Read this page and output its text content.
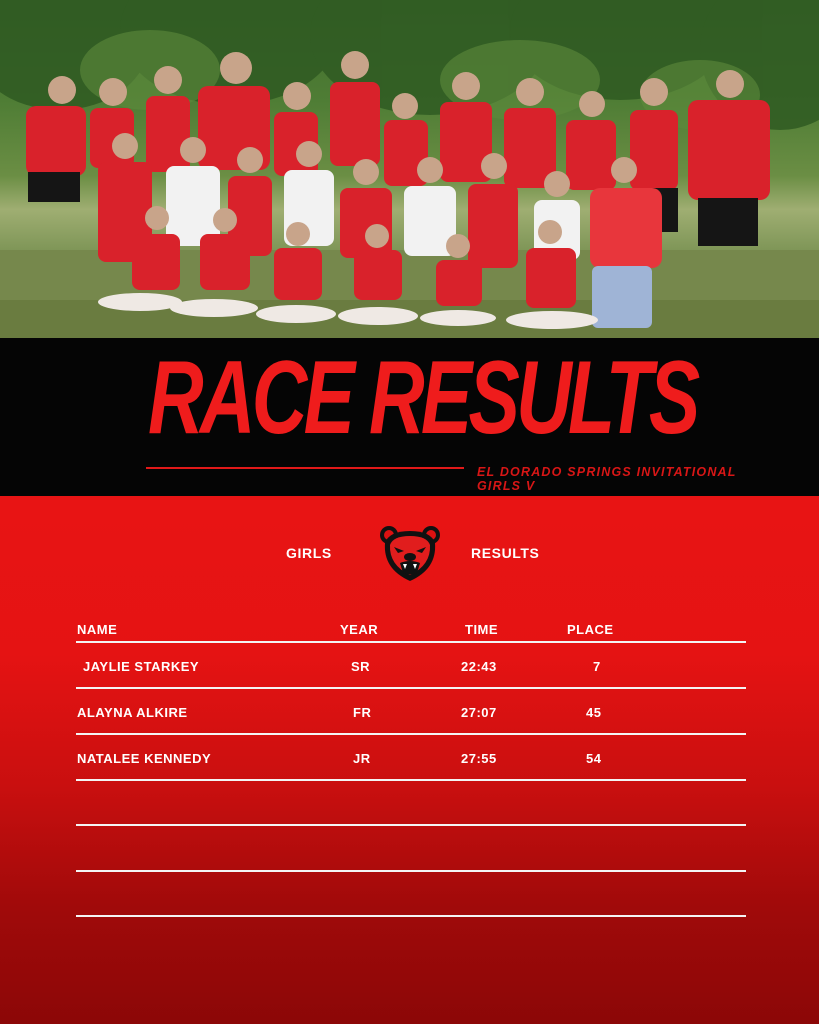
RACE RESULTS
EL DORADO SPRINGS INVITATIONAL
GIRLS V
GIRLS	RESULTS
NAME	YEAR	TIME	PLACE
JAYLIE STARKEY	SR	22:43	7
ALAYNA ALKIRE	FR	27:07	45
NATALEE KENNEDY	JR	27:55	54
